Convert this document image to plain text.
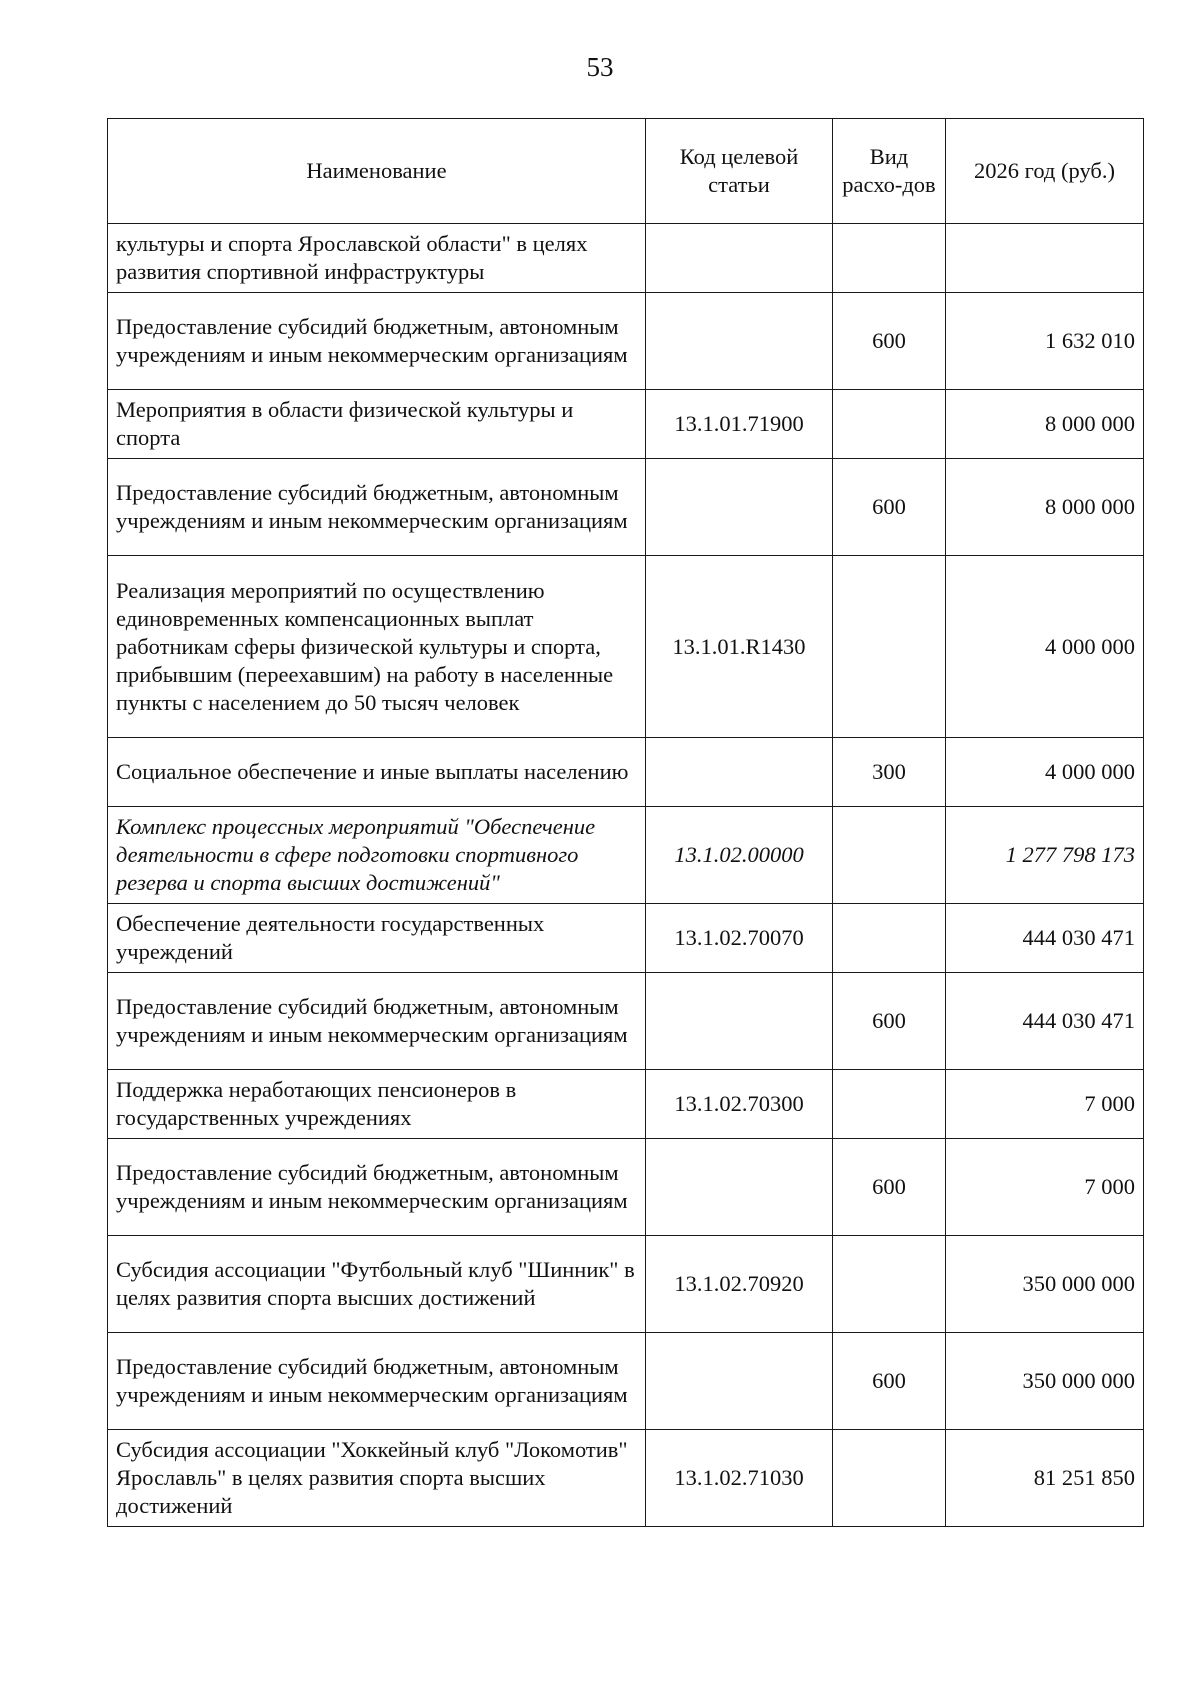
53
Наименование	Код целевой статьи	Вид расхо-дов	2026 год (руб.)
культуры и спорта Ярославской области" в целях развития спортивной инфраструктуры			
Предоставление субсидий бюджетным, автономным учреждениям и иным некоммерческим организациям		600	1 632 010
Мероприятия в области физической культуры и спорта	13.1.01.71900		8 000 000
Предоставление субсидий бюджетным, автономным учреждениям и иным некоммерческим организациям		600	8 000 000
Реализация мероприятий по осуществлению единовременных компенсационных выплат работникам сферы физической культуры и спорта, прибывшим (переехавшим) на работу в населенные пункты с населением до 50 тысяч человек	13.1.01.R1430		4 000 000
Социальное обеспечение и иные выплаты населению		300	4 000 000
Комплекс процессных мероприятий "Обеспечение деятельности в сфере подготовки спортивного резерва и спорта высших достижений"	13.1.02.00000		1 277 798 173
Обеспечение деятельности государственных учреждений	13.1.02.70070		444 030 471
Предоставление субсидий бюджетным, автономным учреждениям и иным некоммерческим организациям		600	444 030 471
Поддержка неработающих пенсионеров в государственных учреждениях	13.1.02.70300		7 000
Предоставление субсидий бюджетным, автономным учреждениям и иным некоммерческим организациям		600	7 000
Субсидия ассоциации "Футбольный клуб "Шинник" в целях развития спорта высших достижений	13.1.02.70920		350 000 000
Предоставление субсидий бюджетным, автономным учреждениям и иным некоммерческим организациям		600	350 000 000
Субсидия ассоциации "Хоккейный клуб "Локомотив" Ярославль" в целях развития спорта высших достижений	13.1.02.71030		81 251 850
